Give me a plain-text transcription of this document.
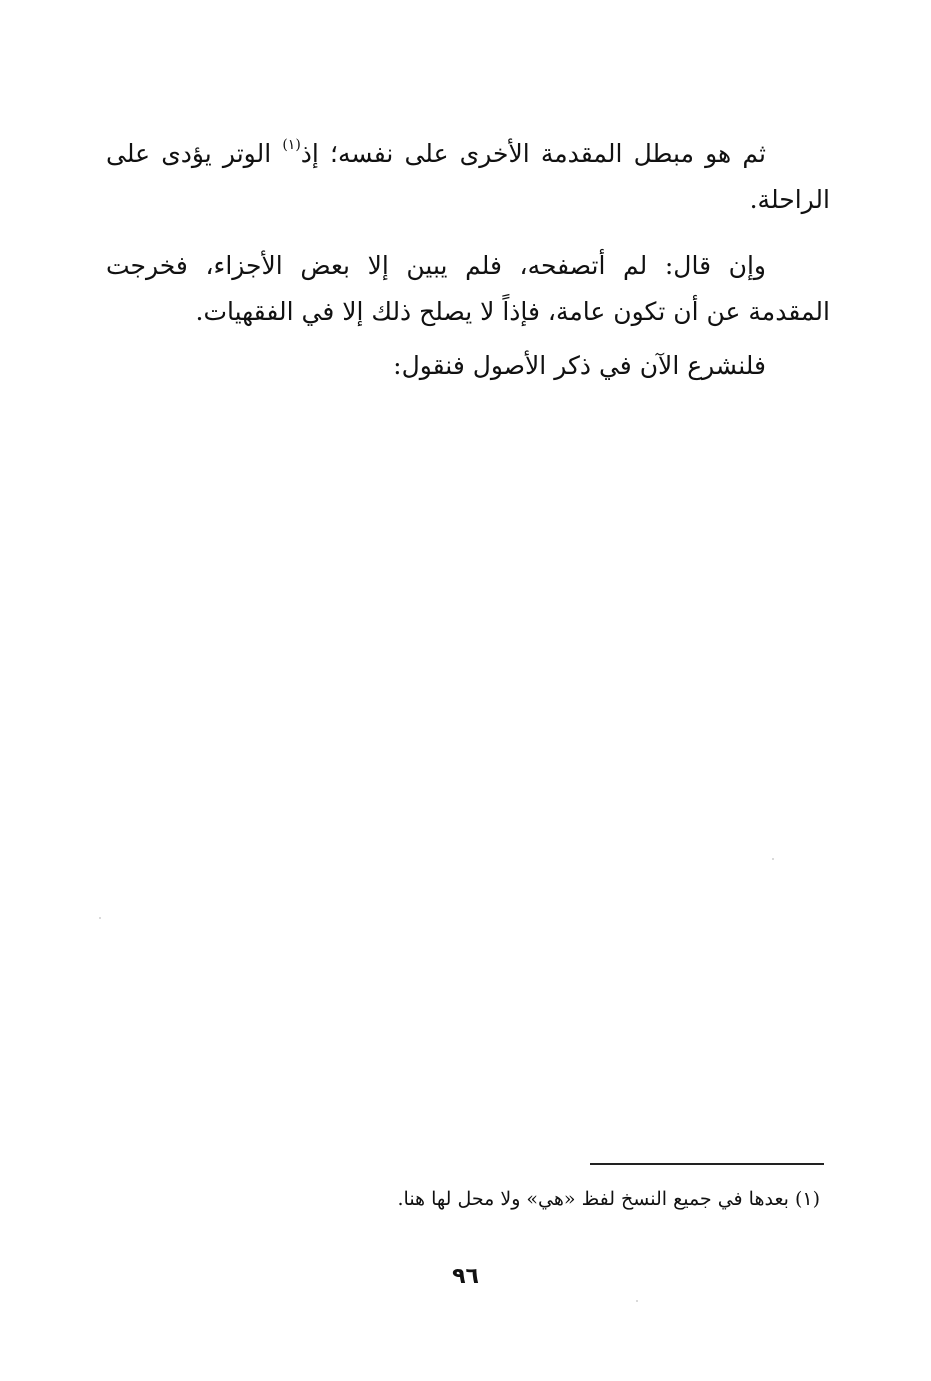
ثم هو مبطل المقدمة الأخرى على نفسه؛ إذ$^{(١)}$ الوتر يؤدى على الراحلة.

وإن قال: لم أتصفحه، فلم يبين إلا بعض الأجزاء، فخرجت المقدمة عن أن تكون عامة، فإذاً لا يصلح ذلك إلا في الفقهيات.

فلنشرع الآن في ذكر الأصول فنقول:

(١) بعدها في جميع النسخ لفظ «هي» ولا محل لها هنا.
٩٦
